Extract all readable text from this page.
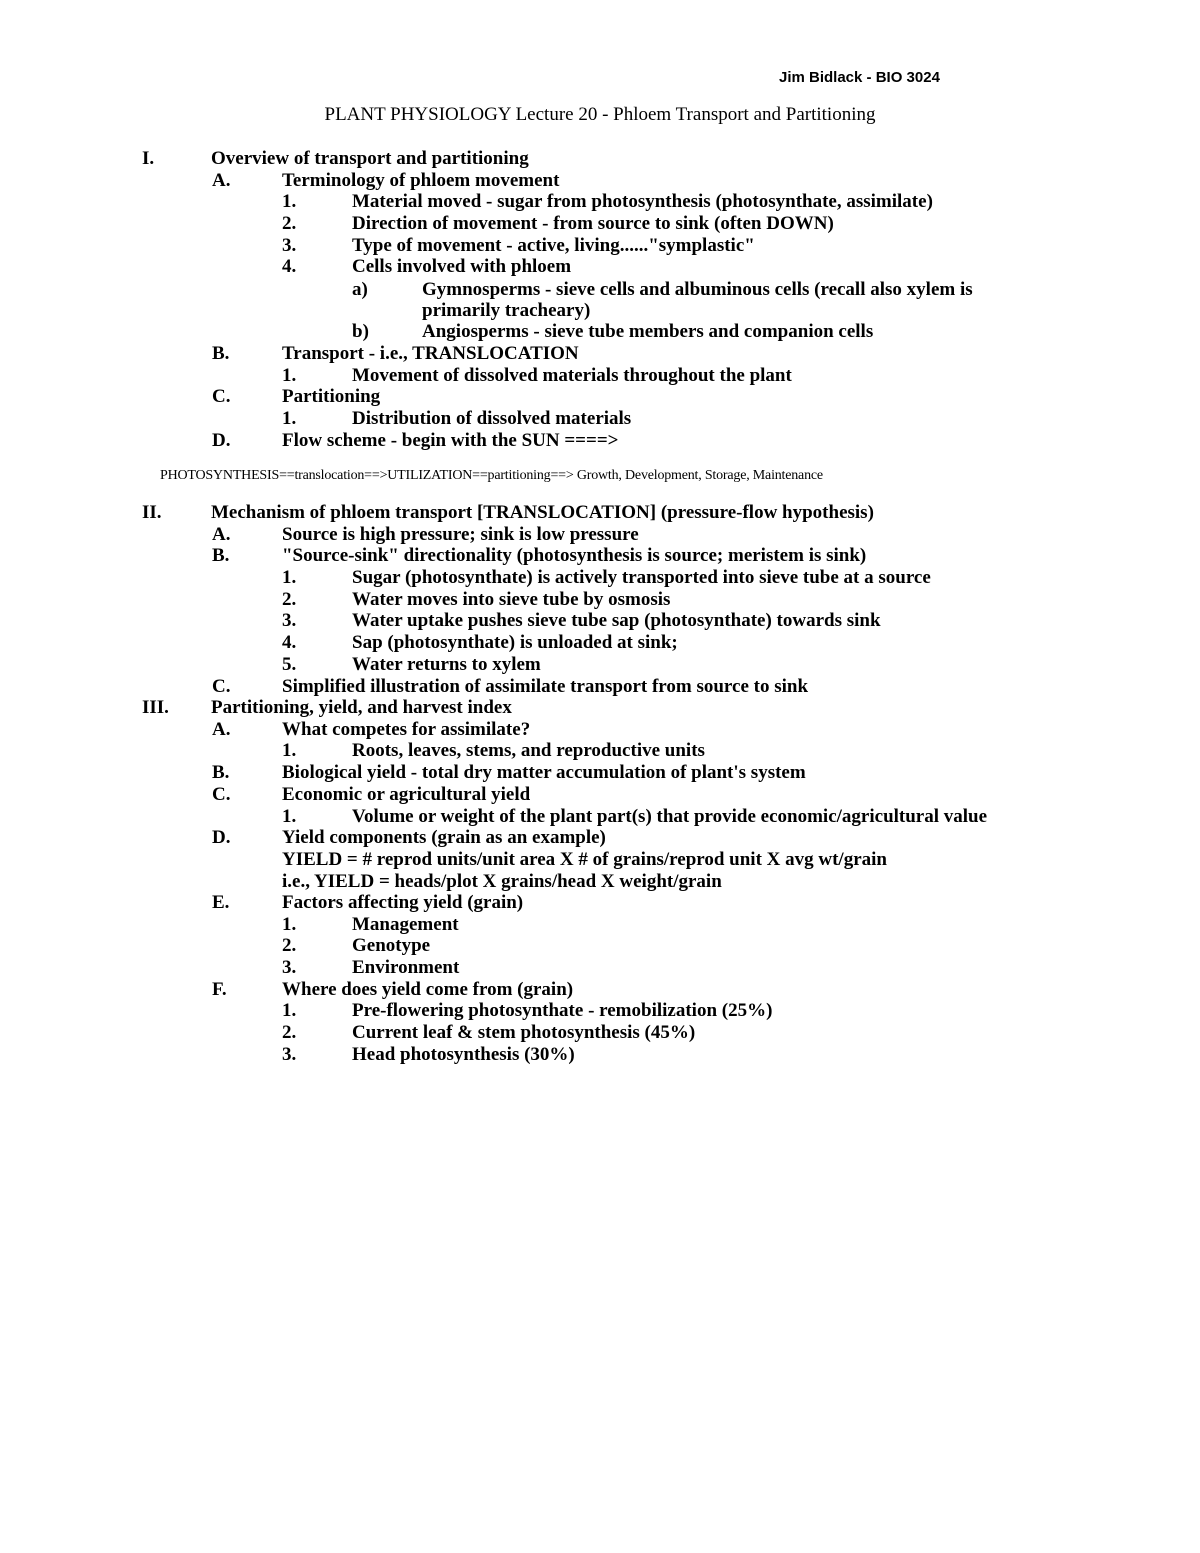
Jim Bidlack - BIO 3024
PLANT PHYSIOLOGY Lecture 20 - Phloem Transport and Partitioning
I.	Overview of transport and partitioning
A.	Terminology of phloem movement
1.	Material moved - sugar from photosynthesis (photosynthate, assimilate)
2.	Direction of movement - from source to sink (often DOWN)
3.	Type of movement - active, living......"symplastic"
4.	Cells involved with phloem
a)	Gymnosperms - sieve cells and albuminous cells (recall also xylem is
primarily tracheary)
b)	Angiosperms - sieve tube members and companion cells
B.	Transport - i.e., TRANSLOCATION
1.	Movement of dissolved materials throughout the plant
C.	Partitioning
1.	Distribution of dissolved materials
D.	Flow scheme - begin with the SUN ====>
PHOTOSYNTHESIS==translocation==>UTILIZATION==partitioning==> Growth, Development, Storage, Maintenance
II.	Mechanism of phloem transport [TRANSLOCATION] (pressure-flow hypothesis)
A.	Source is high pressure; sink is low pressure
B.	"Source-sink" directionality (photosynthesis is source; meristem is sink)
1.	Sugar (photosynthate) is actively transported into sieve tube at a source
2.	Water moves into sieve tube by osmosis
3.	Water uptake pushes sieve tube sap (photosynthate) towards sink
4.	Sap (photosynthate) is unloaded at sink;
5.	Water returns to xylem
C.	Simplified illustration of assimilate transport from source to sink
III. Partitioning, yield, and harvest index
A.	What competes for assimilate?
1.	Roots, leaves, stems, and reproductive units
B.	Biological yield - total dry matter accumulation of plant's system
C.	Economic or agricultural yield
1.	Volume or weight of the plant part(s) that provide economic/agricultural value
D.	Yield components (grain as an example)
YIELD = # reprod units/unit area X # of grains/reprod unit X avg wt/grain
i.e., YIELD = heads/plot X grains/head X weight/grain
E.	Factors affecting yield (grain)
1.	Management
2.	Genotype
3.	Environment
F.	Where does yield come from (grain)
1.	Pre-flowering photosynthate - remobilization (25%)
2.	Current leaf & stem photosynthesis (45%)
3.	Head photosynthesis (30%)
